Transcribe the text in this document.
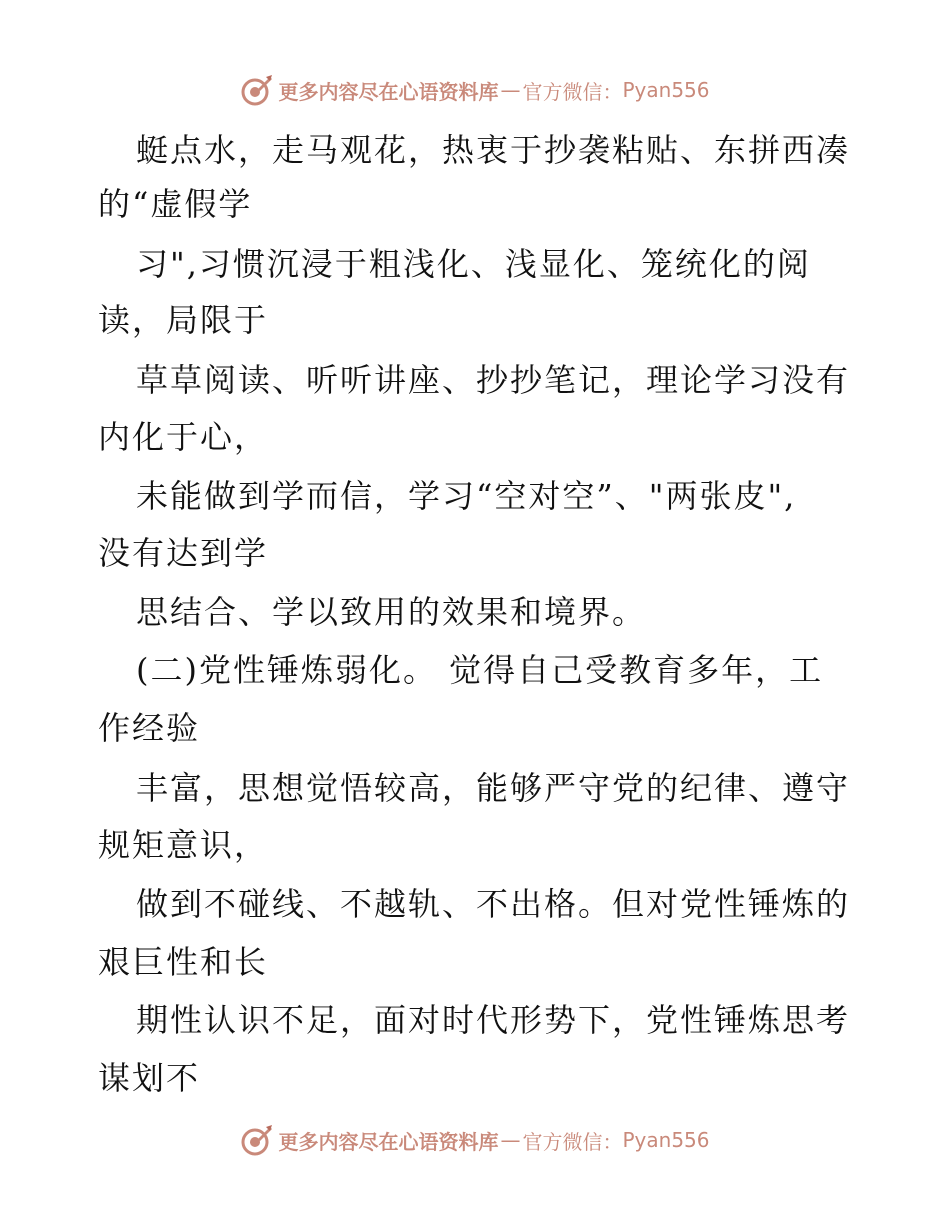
更多内容尽在心语资料库 — 官方微信： Pyan556
蜓点水，走马观花，热衷于抄袭粘贴、东拼西凑
的“虚假学
习",习惯沉浸于粗浅化、浅显化、笼统化的阅
读，局限于
草草阅读、听听讲座、抄抄笔记，理论学习没有
内化于心，
未能做到学而信，学习“空对空”、"两张皮",
没有达到学
思结合、学以致用的效果和境界。
(二)党性锤炼弱化。 觉得自己受教育多年，工
作经验
丰富，思想觉悟较高，能够严守党的纪律、遵守
规矩意识，
做到不碰线、不越轨、不出格。但对党性锤炼的
艰巨性和长
期性认识不足，面对时代形势下，党性锤炼思考
谋划不
更多内容尽在心语资料库 — 官方微信： Pyan556
